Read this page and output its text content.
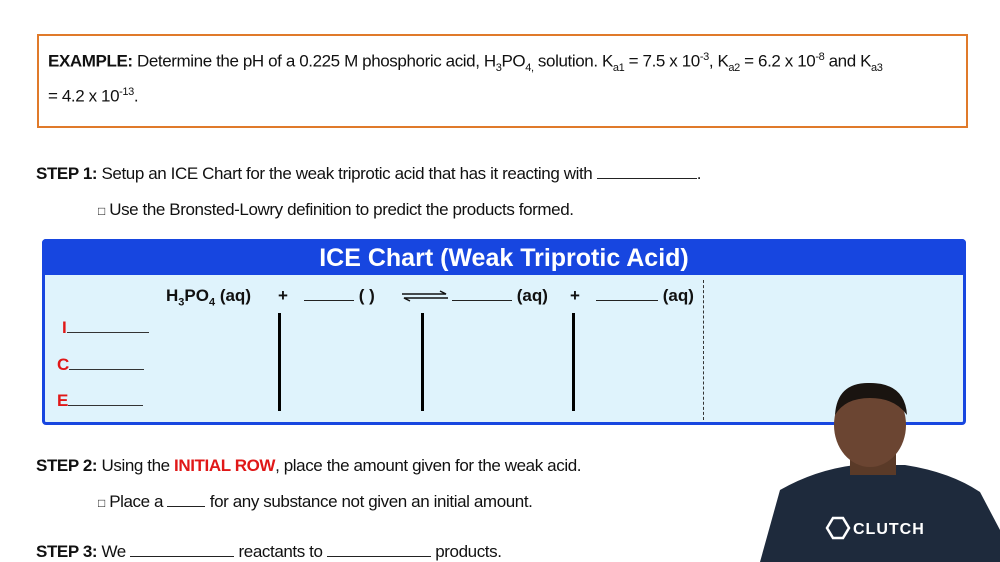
EXAMPLE: Determine the pH of a 0.225 M phosphoric acid, $H_3PO_{4,}$ solution. $K_{a1} = 7.5$ x $10^{-3}$, $K_{a2} = 6.2$ x $10^{-8}$ and $K_{a3}$
= 4.2 x $10^{-13}$.
STEP 1: Setup an ICE Chart for the weak triprotic acid that has it reacting with	.
□ Use the Bronsted-Lowry definition to predict the products formed.
ICE Chart (Weak Triprotic Acid)
$H_3PO_4$ (aq) +	( )	(aq) +	(aq)
I
C
E
STEP 2: Using the INITIAL ROW, place the amount given for the weak acid.
□ Place a	for any substance not given an initial amount.
STEP 3: We	reactants to	products.
CLUTCH
